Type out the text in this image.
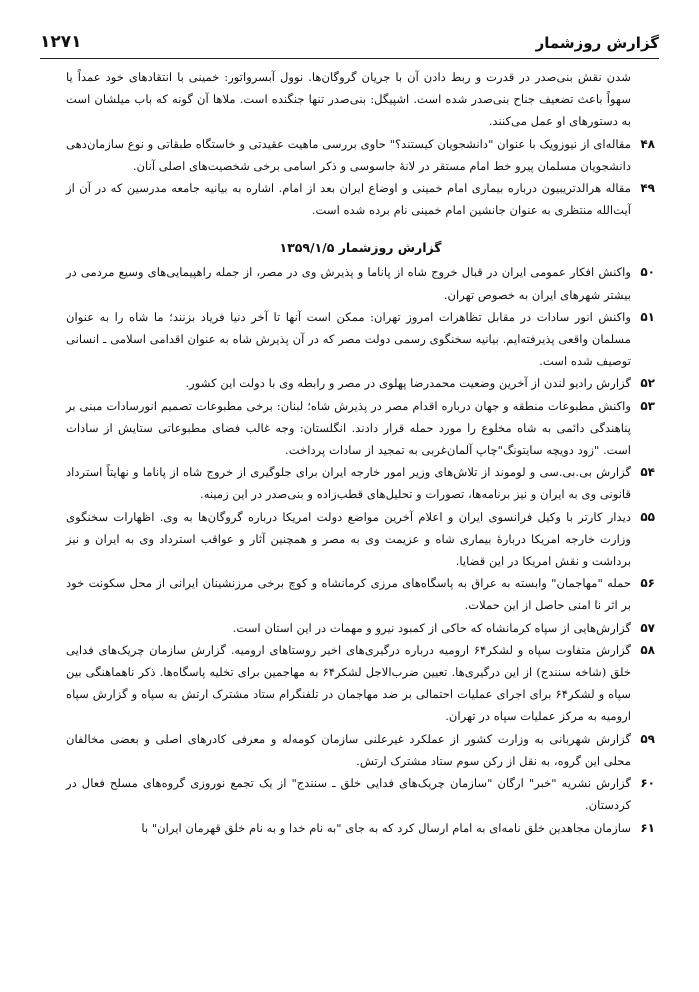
گزارش روزشمار
۱۲۷۱

شدن نقش بنی‌صدر در قدرت و ربط دادن آن با جریان گروگان‌ها. نوول آبسرواتور: خمینی با انتقادهای خود عمداً یا سهواً باعث تضعیف جناح بنی‌صدر شده است. اشپیگل: بنی‌صدر تنها جنگنده است. ملاها آن گونه که باب میلشان است به دستورهای او عمل می‌کنند.

۴۸
مقاله‌ای از نیوزویک با عنوان "دانشجویان کیستند؟" حاوی بررسی ماهیت عقیدتی و خاستگاه طبقاتی و نوع سازمان‌دهی دانشجویان مسلمان پیرو خط امام مستقر در لانهٔ جاسوسی و ذکر اسامی برخی شخصیت‌های اصلی آنان.

۴۹
مقاله هرالدتریبیون درباره بیماری امام خمینی و اوضاع ایران بعد از امام. اشاره به بیانیه جامعه مدرسین که در آن از آیت‌الله منتظری به عنوان جانشین امام خمینی نام برده شده است.

گزارش روزشمار ۱۳۵۹/۱/۵

۵۰
واکنش افکار عمومی ایران در قبال خروج شاه از پاناما و پذیرش وی در مصر، از جمله راهپیمایی‌های وسیع مردمی در بیشتر شهرهای ایران به خصوص تهران.

۵۱
واکنش انور سادات در مقابل تظاهرات امروز تهران: ممکن است آنها تا آخر دنیا فریاد بزنند؛ ما شاه را به عنوان مسلمان واقعی پذیرفته‌ایم. بیانیه سخنگوی رسمی دولت مصر که در آن پذیرش شاه به عنوان اقدامی اسلامی ـ انسانی توصیف شده است.

۵۲
گزارش رادیو لندن از آخرین وضعیت محمدرضا پهلوی در مصر و رابطه وی با دولت این کشور.

۵۳
واکنش مطبوعات منطقه و جهان درباره اقدام مصر در پذیرش شاه؛ لبنان: برخی مطبوعات تصمیم انورسادات مبنی بر پناهندگی دائمی به شاه مخلوع را مورد حمله قرار دادند. انگلستان: وجه غالب فضای مطبوعاتی ستایش از سادات است. "زود دویچه سایتونگ"چاپ آلمان‌غربی به تمجید از سادات پرداخت.

۵۴
گزارش بی.بی.سی و لوموند از تلاش‌های وزیر امور خارجه ایران برای جلوگیری از خروج شاه از پاناما و نهایتاً استرداد قانونی وی به ایران و نیز برنامه‌ها، تصورات و تحلیل‌های قطب‌زاده و بنی‌صدر در این زمینه.

۵۵
دیدار کارتر با وکیل فرانسوی ایران و اعلام آخرین مواضع دولت امریکا درباره گروگان‌ها به وی. اظهارات سخنگوی وزارت خارجه امریکا دربارهٔ بیماری شاه و عزیمت وی به مصر و همچنین آثار و عواقب استرداد وی به ایران و نیز برداشت و نقش امریکا در این قضایا.

۵۶
حمله "مهاجمان" وابسته به عراق به پاسگاه‌های مرزی کرمانشاه و کوچ برخی مرزنشینان ایرانی از محل سکونت خود بر اثر نا امنی حاصل از این حملات.

۵۷
گزارش‌هایی از سپاه کرمانشاه که حاکی از کمبود نیرو و مهمات در این استان است.

۵۸
گزارش متفاوت سپاه و لشکر۶۴ ارومیه درباره درگیری‌های اخیر روستاهای ارومیه. گزارش سازمان چریک‌های فدایی خلق (شاخه سنندج) از این درگیری‌ها. تعیین ضرب‌الاجل لشکر۶۴ به مهاجمین برای تخلیه پاسگاه‌ها. ذکر ناهماهنگی بین سپاه و لشکر۶۴ برای اجرای عملیات احتمالی بر ضد مهاجمان در تلفنگرام ستاد مشترک ارتش به سپاه و گزارش سپاه ارومیه به مرکز عملیات سپاه در تهران.

۵۹
گزارش شهربانی به وزارت کشور از عملکرد غیرعلنی سازمان کومه‌له و معرفی کادرهای اصلی و بعضی مخالفان محلی این گروه، به نقل از رکن سوم ستاد مشترک ارتش.

۶۰
گزارش نشریه "خبر" ارگان "سازمان چریک‌های فدایی خلق ـ سنندج" از یک تجمع نوروزی گروه‌های مسلح فعال در کردستان.

۶۱
سازمان مجاهدین خلق نامه‌ای به امام ارسال کرد که به جای "به نام خدا و به نام خلق قهرمان ایران" با
